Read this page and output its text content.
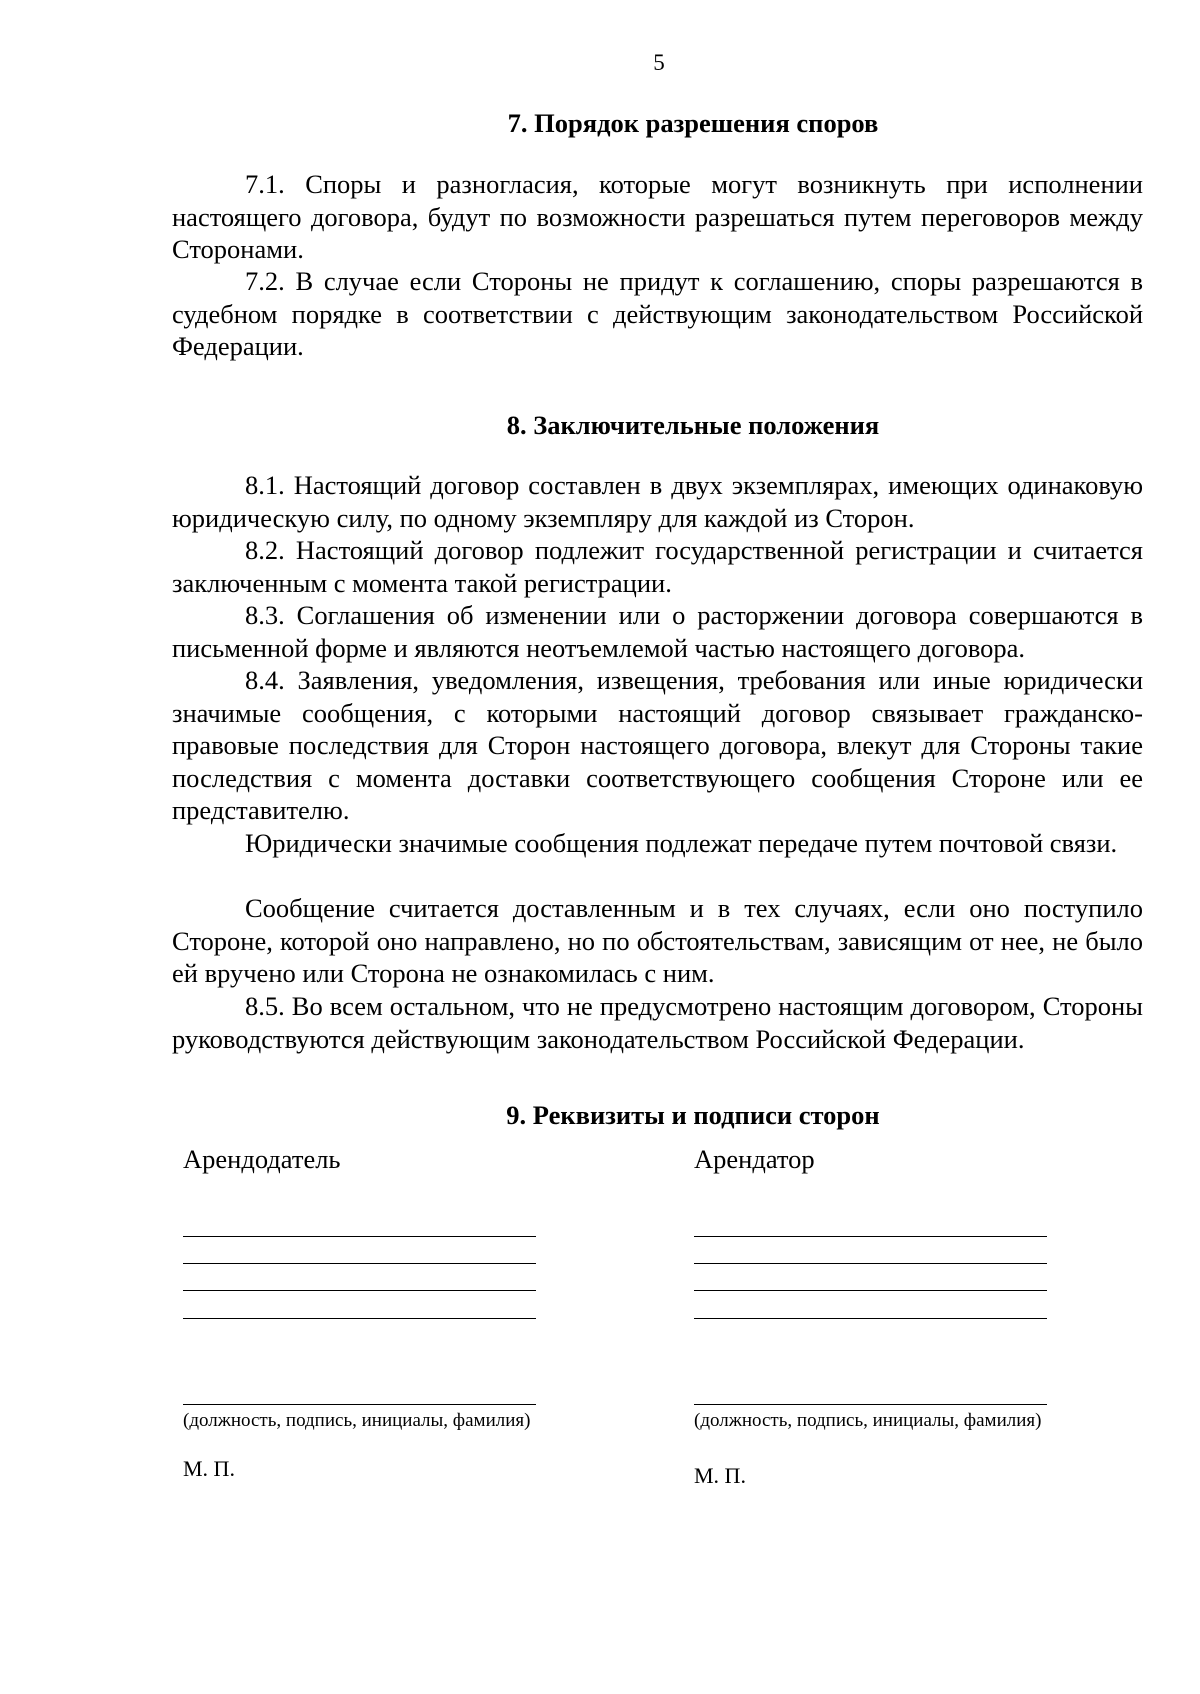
5
7. Порядок разрешения споров

7.1. Споры и разногласия, которые могут возникнуть при исполнении настоящего договора, будут по возможности разрешаться путем переговоров между Сторонами.

7.2. В случае если Стороны не придут к соглашению, споры разрешаются в судебном порядке в соответствии с действующим законодательством Российской Федерации.

8. Заключительные положения

8.1. Настоящий договор составлен в двух экземплярах, имеющих одинаковую юридическую силу, по одному экземпляру для каждой из Сторон.

8.2. Настоящий договор подлежит государственной регистрации и считается заключенным с момента такой регистрации.

8.3. Соглашения об изменении или о расторжении договора совершаются в письменной форме и являются неотъемлемой частью настоящего договора.

8.4. Заявления, уведомления, извещения, требования или иные юридически значимые сообщения, с которыми настоящий договор связывает гражданско-правовые последствия для Сторон настоящего договора, влекут для Стороны такие последствия с момента доставки соответствующего сообщения Стороне или ее представителю.

Юридически значимые сообщения подлежат передаче путем почтовой связи.

Сообщение считается доставленным и в тех случаях, если оно поступило Стороне, которой оно направлено, но по обстоятельствам, зависящим от нее, не было ей вручено или Сторона не ознакомилась с ним.

8.5. Во всем остальном, что не предусмотрено настоящим договором, Стороны руководствуются действующим законодательством Российской Федерации.

9. Реквизиты и подписи сторон
Арендодатель	Арендатор
(должность, подпись, инициалы, фамилия)	(должность, подпись, инициалы, фамилия)
М. П.	М. П.
